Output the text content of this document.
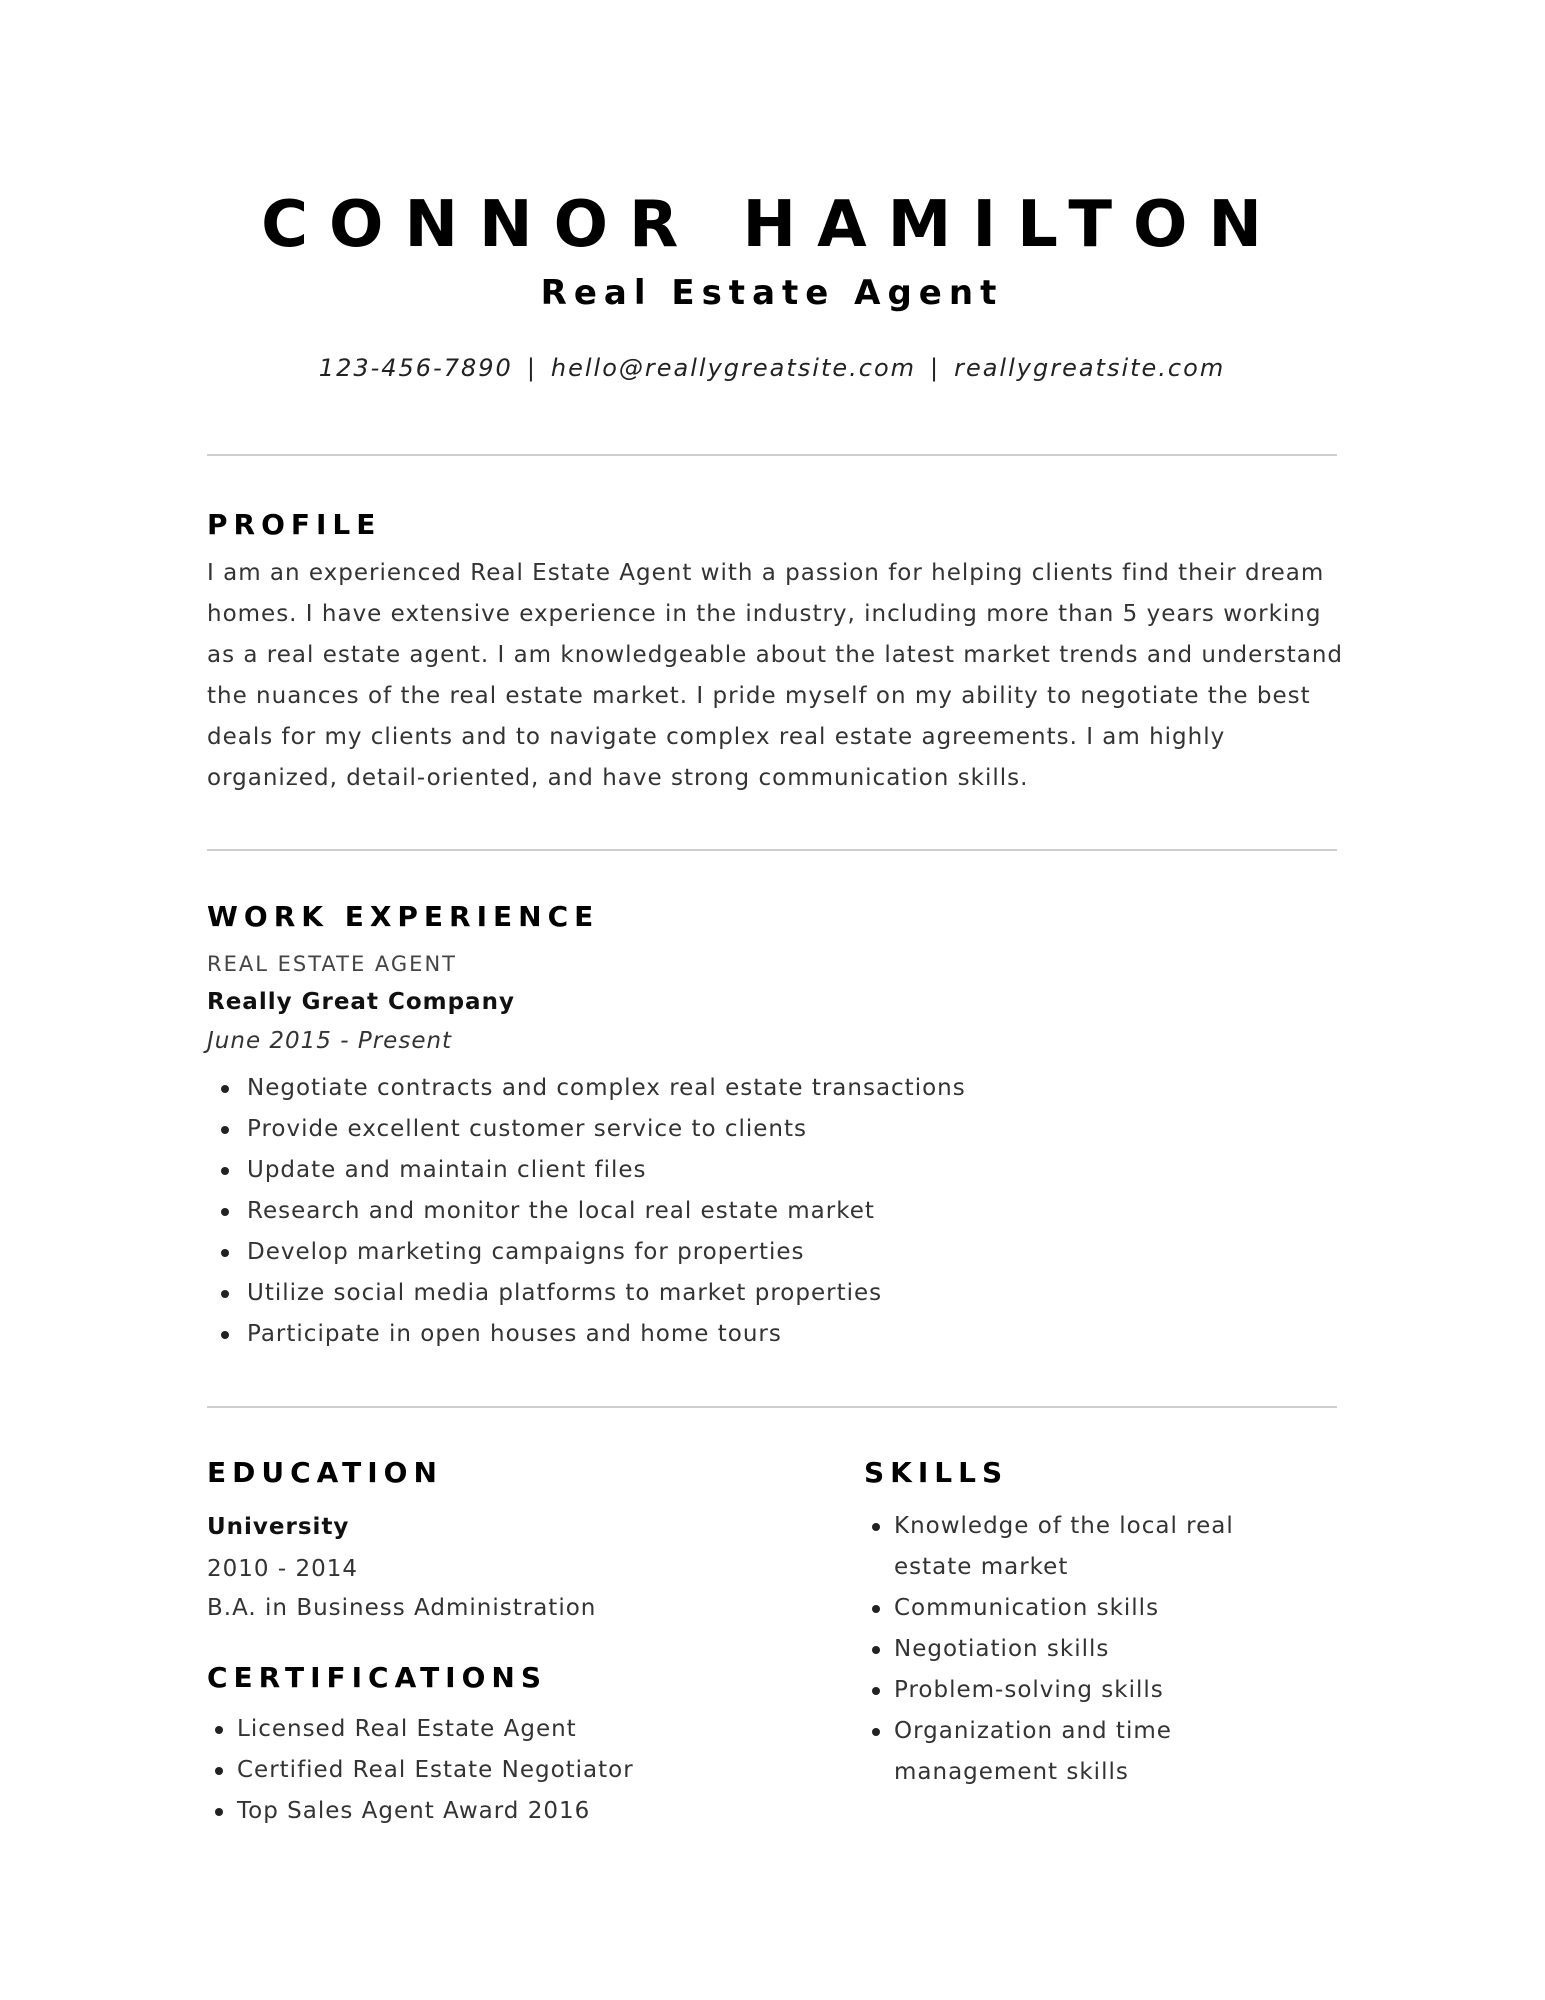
CONNOR HAMILTON
Real Estate Agent
123-456-7890 | hello@reallygreatsite.com | reallygreatsite.com
PROFILE

I am an experienced Real Estate Agent with a passion for helping clients find their dream homes. I have extensive experience in the industry, including more than 5 years working as a real estate agent. I am knowledgeable about the latest market trends and understand the nuances of the real estate market. I pride myself on my ability to negotiate the best deals for my clients and to navigate complex real estate agreements. I am highly organized, detail-oriented, and have strong communication skills.

WORK EXPERIENCE
REAL ESTATE AGENT
Really Great Company
June 2015 - Present
Negotiate contracts and complex real estate transactions
Provide excellent customer service to clients
Update and maintain client files
Research and monitor the local real estate market
Develop marketing campaigns for properties
Utilize social media platforms to market properties
Participate in open houses and home tours
EDUCATION
University
2010 - 2014
B.A. in Business Administration
CERTIFICATIONS
Licensed Real Estate Agent
Certified Real Estate Negotiator
Top Sales Agent Award 2016
SKILLS
Knowledge of the local real estate market
Communication skills
Negotiation skills
Problem-solving skills
Organization and time management skills
